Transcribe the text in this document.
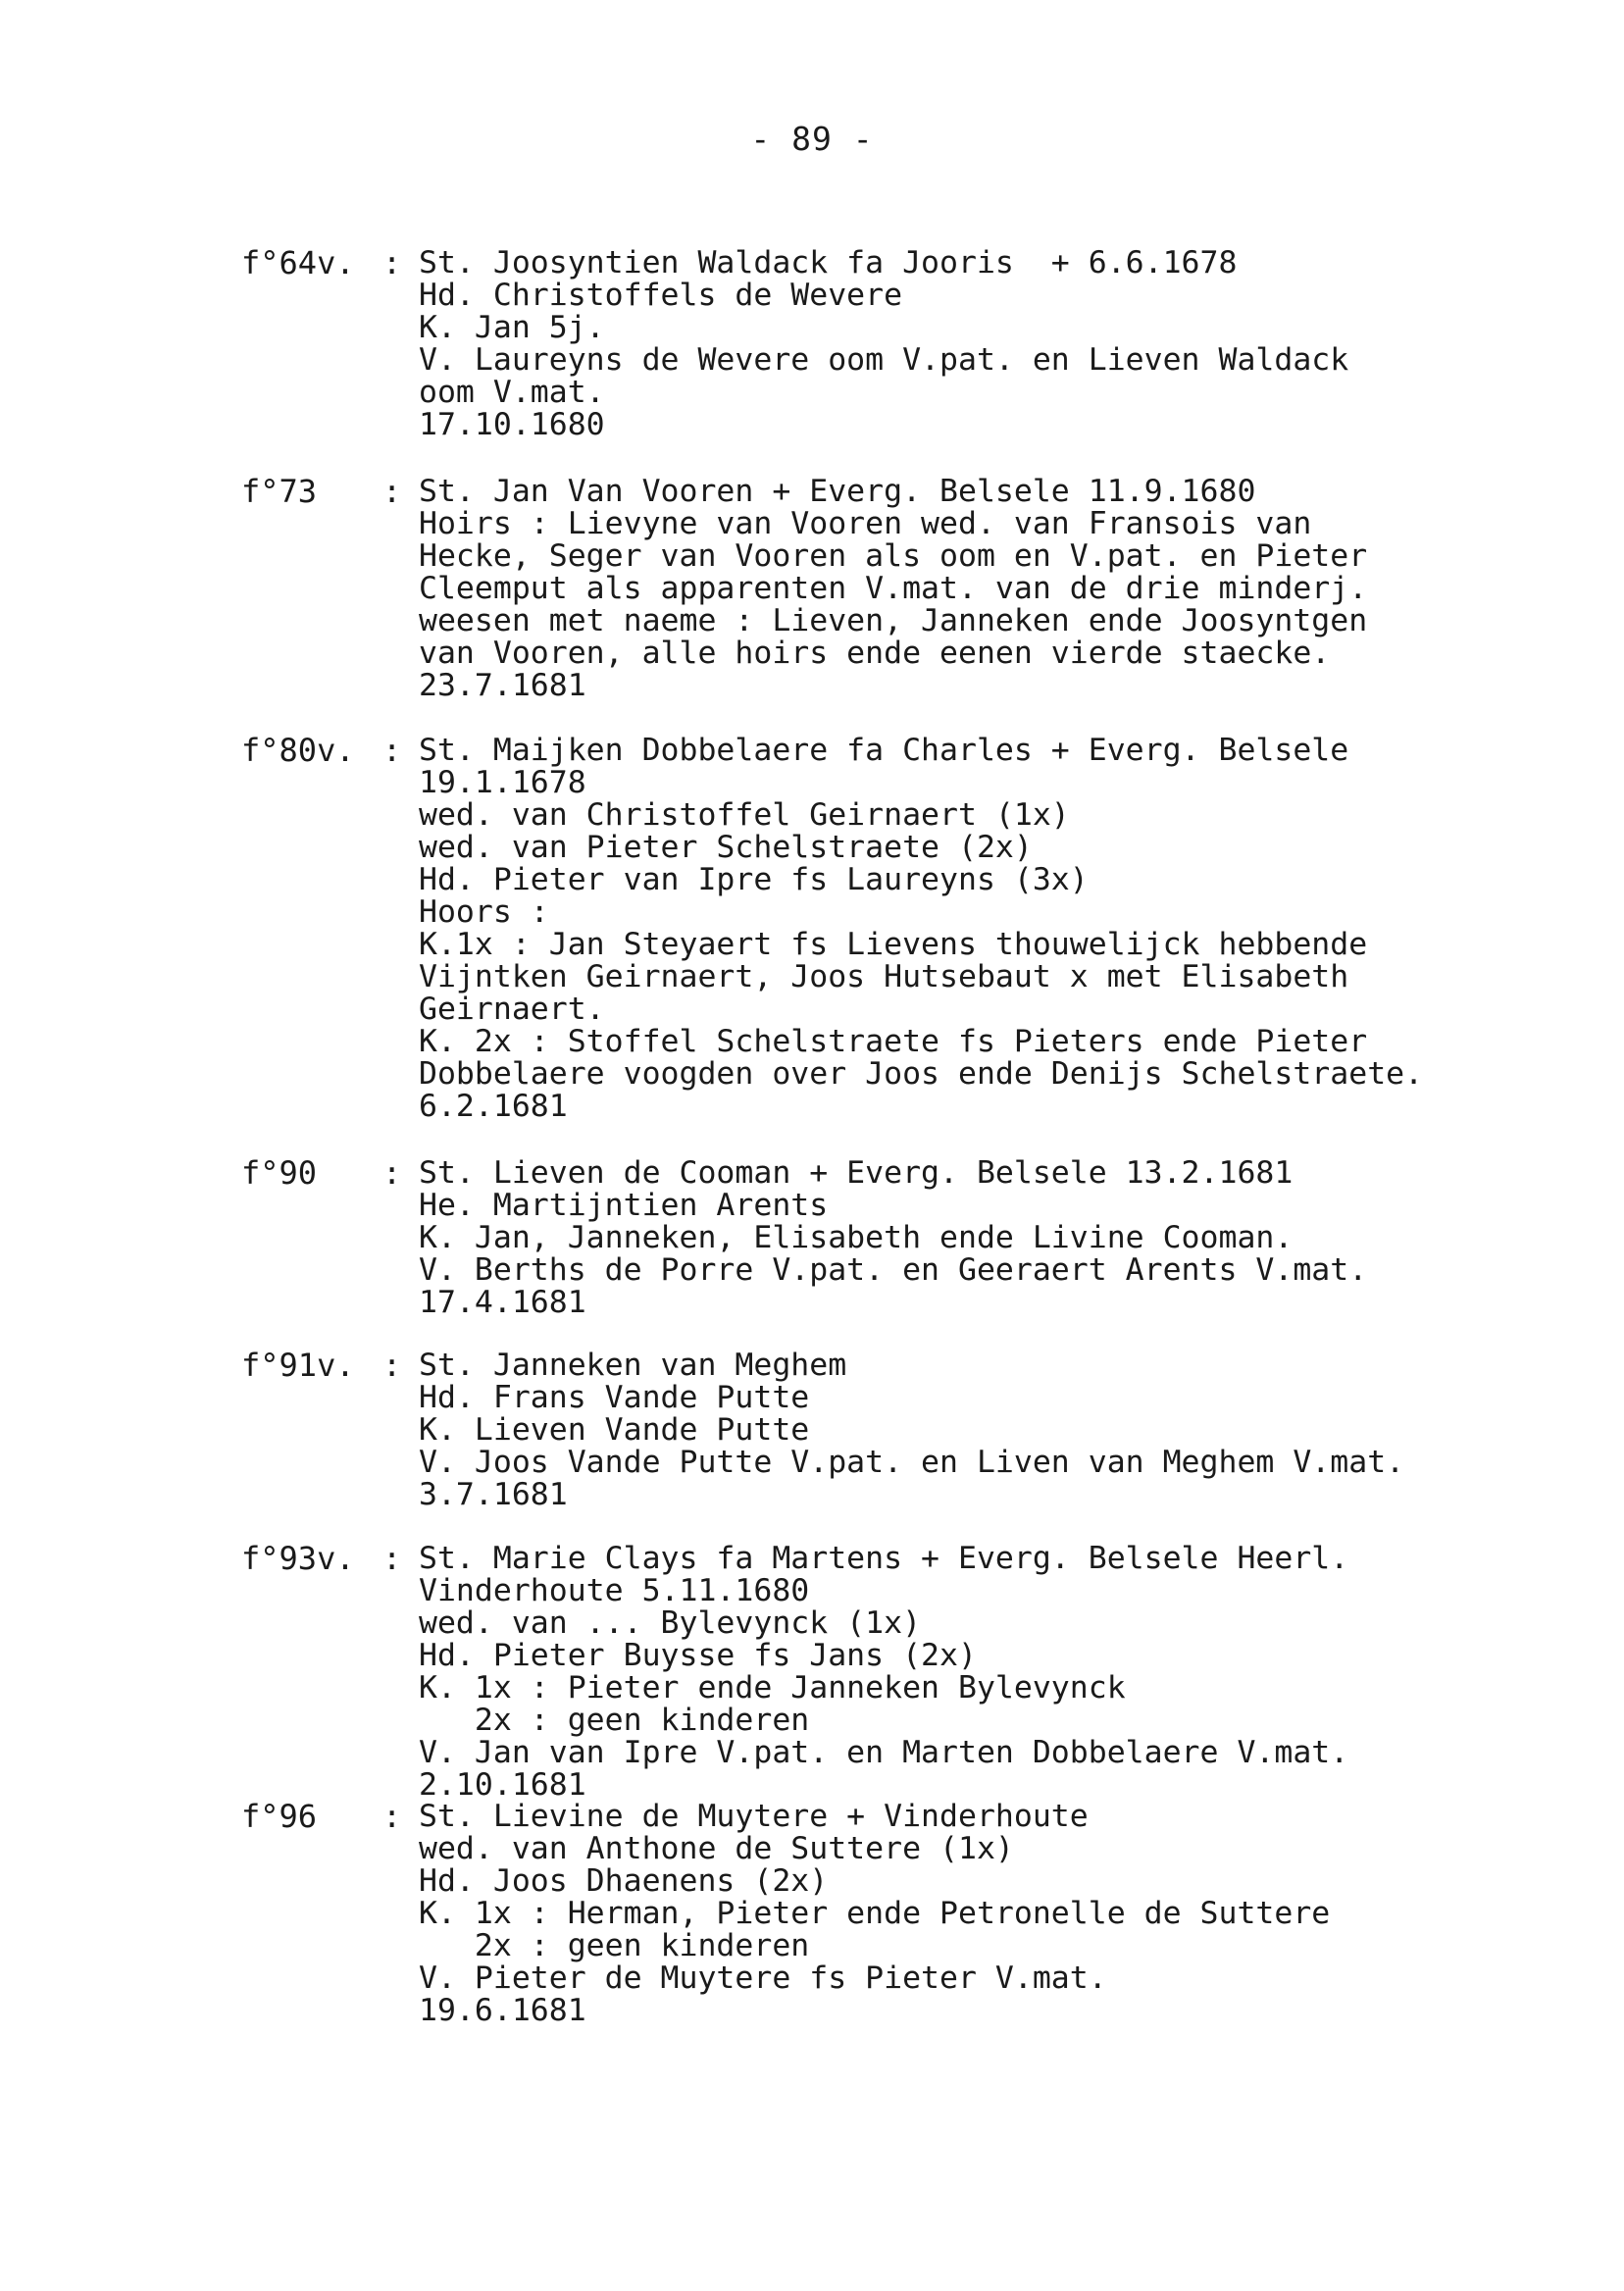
- 89 -
f°64v. : St. Joosyntien Waldack fa Jooris  + 6.6.1678
Hd. Christoffels de Wevere
K. Jan 5j.
V. Laureyns de Wevere oom V.pat. en Lieven Waldack
oom V.mat.
17.10.1680
f°73 : St. Jan Van Vooren + Everg. Belsele 11.9.1680
Hoirs : Lievyne van Vooren wed. van Fransois van
Hecke, Seger van Vooren als oom en V.pat. en Pieter
Cleemput als apparenten V.mat. van de drie minderj.
weesen met naeme : Lieven, Janneken ende Joosyntgen
van Vooren, alle hoirs ende eenen vierde staecke.
23.7.1681
f°80v. : St. Maijken Dobbelaere fa Charles + Everg. Belsele
19.1.1678
wed. van Christoffel Geirnaert (1x)
wed. van Pieter Schelstraete (2x)
Hd. Pieter van Ipre fs Laureyns (3x)
Hoors :
K.1x : Jan Steyaert fs Lievens thouwelijck hebbende
Vijntken Geirnaert, Joos Hutsebaut x met Elisabeth
Geirnaert.
K. 2x : Stoffel Schelstraete fs Pieters ende Pieter
Dobbelaere voogden over Joos ende Denijs Schelstraete.
6.2.1681
f°90 : St. Lieven de Cooman + Everg. Belsele 13.2.1681
He. Martijntien Arents
K. Jan, Janneken, Elisabeth ende Livine Cooman.
V. Berths de Porre V.pat. en Geeraert Arents V.mat.
17.4.1681
f°91v. : St. Janneken van Meghem
Hd. Frans Vande Putte
K. Lieven Vande Putte
V. Joos Vande Putte V.pat. en Liven van Meghem V.mat.
3.7.1681
f°93v. : St. Marie Clays fa Martens + Everg. Belsele Heerl.
Vinderhoute 5.11.1680
wed. van ... Bylevynck (1x)
Hd. Pieter Buysse fs Jans (2x)
K. 1x : Pieter ende Janneken Bylevynck
2x : geen kinderen
V. Jan van Ipre V.pat. en Marten Dobbelaere V.mat.
2.10.1681
f°96 : St. Lievine de Muytere + Vinderhoute
wed. van Anthone de Suttere (1x)
Hd. Joos Dhaenens (2x)
K. 1x : Herman, Pieter ende Petronelle de Suttere
2x : geen kinderen
V. Pieter de Muytere fs Pieter V.mat.
19.6.1681
